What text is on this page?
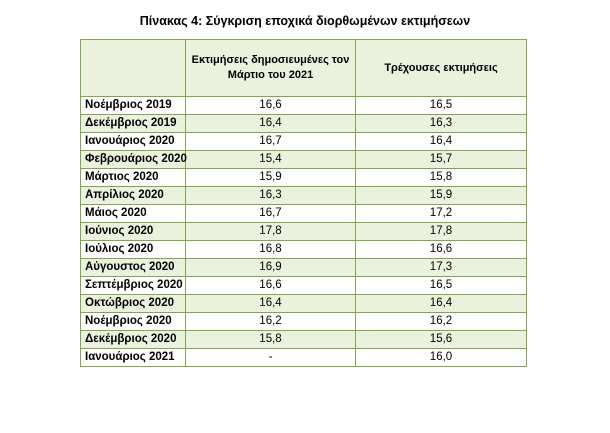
Πίνακας 4: Σύγκριση εποχικά διορθωμένων εκτιμήσεων
	Εκτιμήσεις δημοσιευμένες τον Μάρτιο του 2021	Τρέχουσες εκτιμήσεις
Νοέμβριος 2019	16,6	16,5
Δεκέμβριος 2019	16,4	16,3
Ιανουάριος 2020	16,7	16,4
Φεβρουάριος 2020	15,4	15,7
Μάρτιος 2020	15,9	15,8
Απρίλιος 2020	16,3	15,9
Μάιος 2020	16,7	17,2
Ιούνιος 2020	17,8	17,8
Ιούλιος 2020	16,8	16,6
Αύγουστος 2020	16,9	17,3
Σεπτέμβριος 2020	16,6	16,5
Οκτώβριος 2020	16,4	16,4
Νοέμβριος 2020	16,2	16,2
Δεκέμβριος 2020	15,8	15,6
Ιανουάριος 2021	-	16,0
